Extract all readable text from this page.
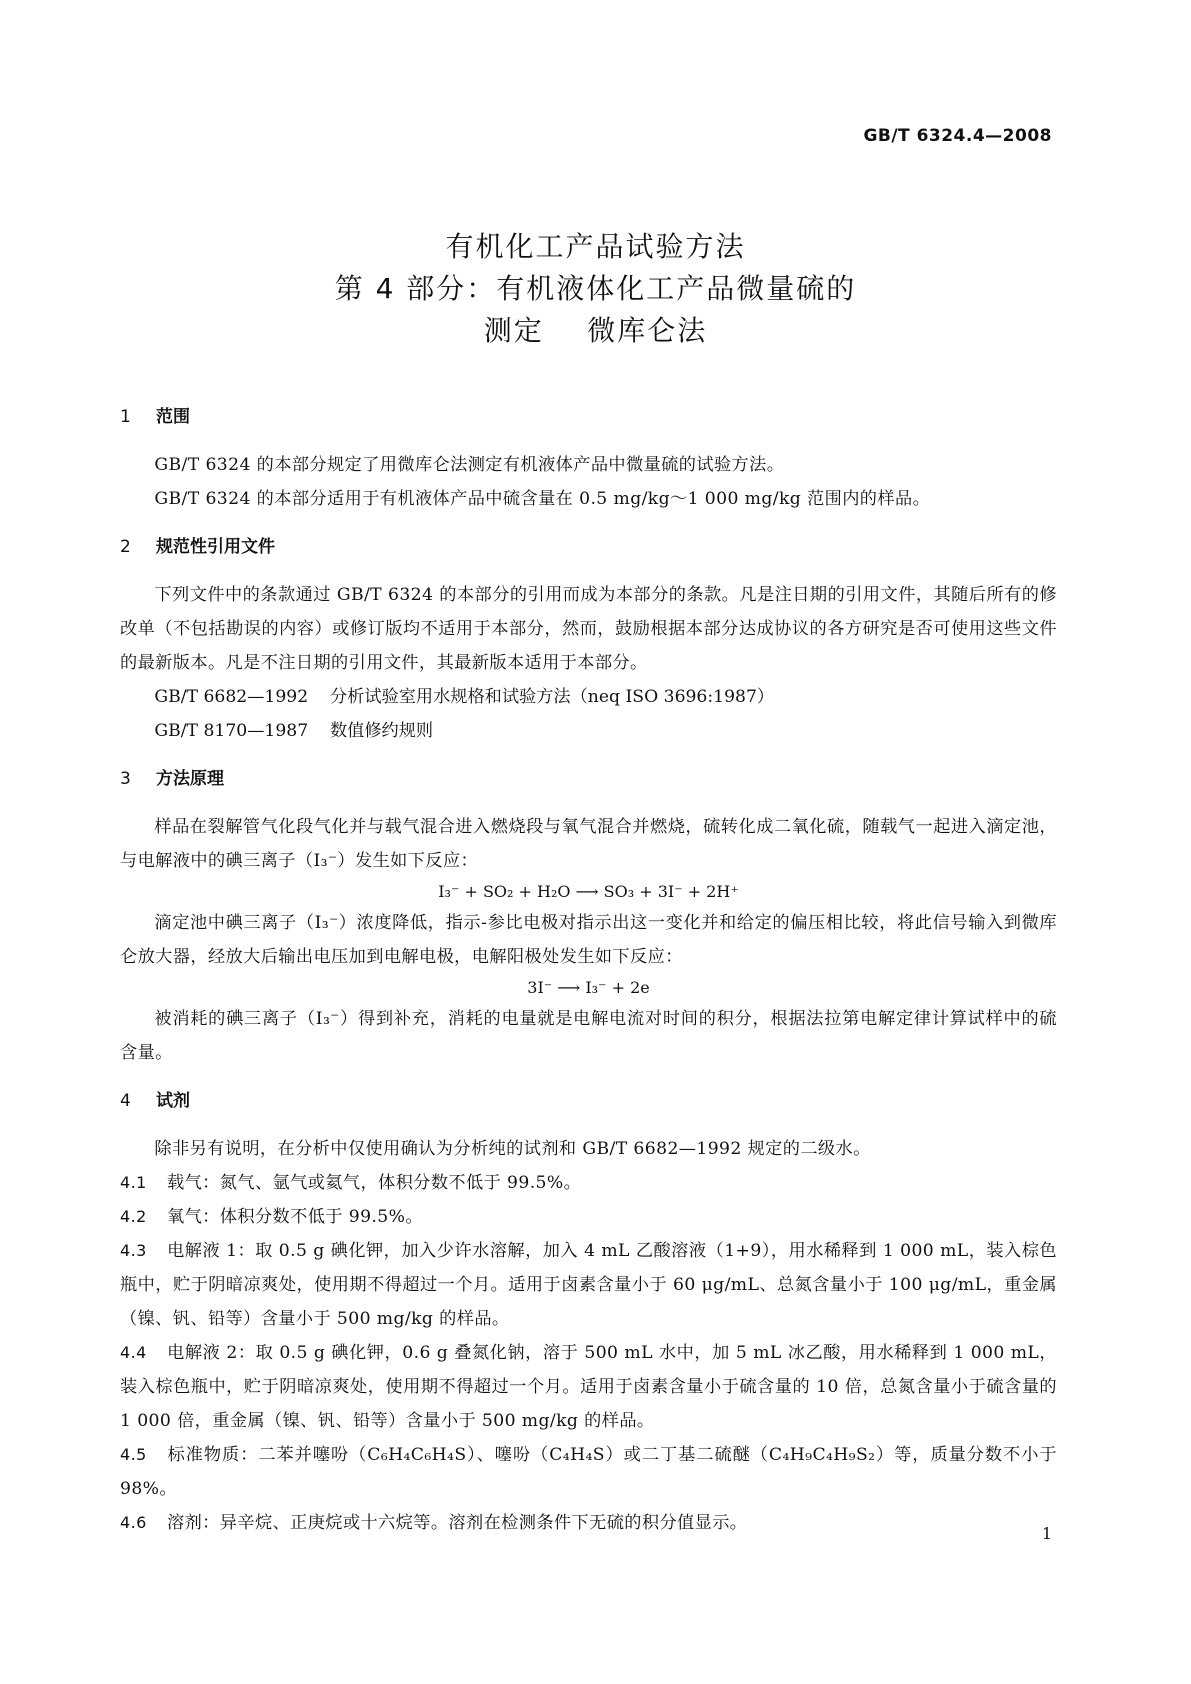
GB/T 6324.4—2008
有机化工产品试验方法
第 4 部分：有机液体化工产品微量硫的
测定    微库仑法
1 范围

GB/T 6324 的本部分规定了用微库仑法测定有机液体产品中微量硫的试验方法。

GB/T 6324 的本部分适用于有机液体产品中硫含量在 0.5 mg/kg～1 000 mg/kg 范围内的样品。

2 规范性引用文件

下列文件中的条款通过 GB/T 6324 的本部分的引用而成为本部分的条款。凡是注日期的引用文件，其随后所有的修改单（不包括勘误的内容）或修订版均不适用于本部分，然而，鼓励根据本部分达成协议的各方研究是否可使用这些文件的最新版本。凡是不注日期的引用文件，其最新版本适用于本部分。

GB/T 6682—1992    分析试验室用水规格和试验方法（neq ISO 3696:1987）

GB/T 8170—1987    数值修约规则

3 方法原理

样品在裂解管气化段气化并与载气混合进入燃烧段与氧气混合并燃烧，硫转化成二氧化硫，随载气一起进入滴定池，与电解液中的碘三离子（I₃⁻）发生如下反应：

I₃⁻ + SO₂ + H₂O ⟶ SO₃ + 3I⁻ + 2H⁺

滴定池中碘三离子（I₃⁻）浓度降低，指示-参比电极对指示出这一变化并和给定的偏压相比较，将此信号输入到微库仑放大器，经放大后输出电压加到电解电极，电解阳极处发生如下反应：

3I⁻ ⟶ I₃⁻ + 2e

被消耗的碘三离子（I₃⁻）得到补充，消耗的电量就是电解电流对时间的积分，根据法拉第电解定律计算试样中的硫含量。

4 试剂

除非另有说明，在分析中仅使用确认为分析纯的试剂和 GB/T 6682—1992 规定的二级水。

4.1 载气：氮气、氩气或氦气，体积分数不低于 99.5%。

4.2 氧气：体积分数不低于 99.5%。

4.3 电解液 1：取 0.5 g 碘化钾，加入少许水溶解，加入 4 mL 乙酸溶液（1+9），用水稀释到 1 000 mL，装入棕色瓶中，贮于阴暗凉爽处，使用期不得超过一个月。适用于卤素含量小于 60 μg/mL、总氮含量小于 100 μg/mL，重金属（镍、钒、铅等）含量小于 500 mg/kg 的样品。

4.4 电解液 2：取 0.5 g 碘化钾，0.6 g 叠氮化钠，溶于 500 mL 水中，加 5 mL 冰乙酸，用水稀释到 1 000 mL，装入棕色瓶中，贮于阴暗凉爽处，使用期不得超过一个月。适用于卤素含量小于硫含量的 10 倍，总氮含量小于硫含量的 1 000 倍，重金属（镍、钒、铅等）含量小于 500 mg/kg 的样品。

4.5 标准物质：二苯并噻吩（C₆H₄C₆H₄S）、噻吩（C₄H₄S）或二丁基二硫醚（C₄H₉C₄H₉S₂）等，质量分数不小于 98%。

4.6 溶剂：异辛烷、正庚烷或十六烷等。溶剂在检测条件下无硫的积分值显示。

1
